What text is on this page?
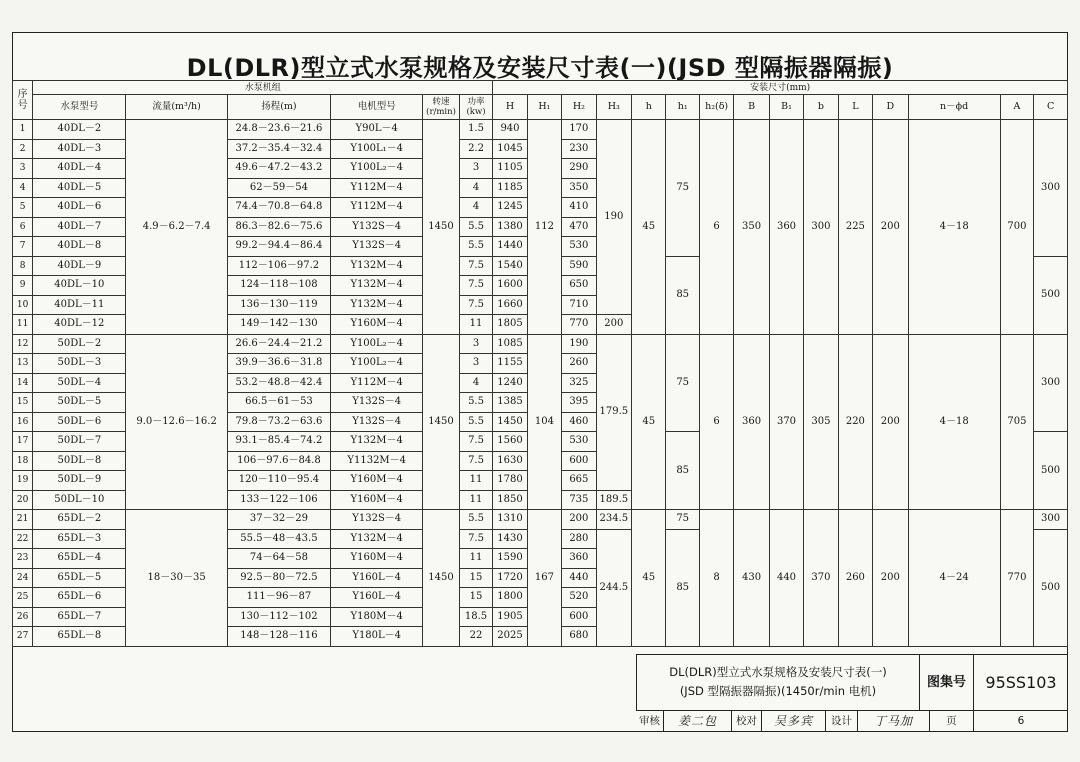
DL(DLR)型立式水泵规格及安装尺寸表(一)(JSD 型隔振器隔振)
序号	水泵机组						安装尺寸(mm)														
	水泵型号	流量(m³/h)	扬程(m)	电机型号	转速(r/min)	功率(kw)	H	H₁	H₂	H₃	h	h₁	h₂(δ)	B	B₁	b	L	D	n－ϕd	A	C
1	40DL－2	4.9－6.2－7.4	24.8－23.6－21.6	Y90L－4	1450	1.5	940	112	170	190	45	75	6	350	360	300	225	200	4－18	700	300
2	40DL－3		37.2－35.4－32.4	Y100L₁－4		2.2	1045		230												
3	40DL－4		49.6－47.2－43.2	Y100L₂－4		3	1105		290												
4	40DL－5		62－59－54	Y112M－4		4	1185		350												
5	40DL－6		74.4－70.8－64.8	Y112M－4		4	1245		410												
6	40DL－7		86.3－82.6－75.6	Y132S－4		5.5	1380		470												
7	40DL－8		99.2－94.4－86.4	Y132S－4		5.5	1440		530												
8	40DL－9		112－106－97.2	Y132M－4		7.5	1540		590			85									500
9	40DL－10		124－118－108	Y132M－4		7.5	1600		650												
10	40DL－11		136－130－119	Y132M－4		7.5	1660		710												
11	40DL－12		149－142－130	Y160M－4		11	1805		770	200											
12	50DL－2	9.0－12.6－16.2	26.6－24.4－21.2	Y100L₂－4	1450	3	1085	104	190	179.5	45	75	6	360	370	305	220	200	4－18	705	300
13	50DL－3		39.9－36.6－31.8	Y100L₂－4		3	1155		260												
14	50DL－4		53.2－48.8－42.4	Y112M－4		4	1240		325												
15	50DL－5		66.5－61－53	Y132S－4		5.5	1385		395												
16	50DL－6		79.8－73.2－63.6	Y132S－4		5.5	1450		460												
17	50DL－7		93.1－85.4－74.2	Y132M－4		7.5	1560		530			85									500
18	50DL－8		106－97.6－84.8	Y1132M－4		7.5	1630		600												
19	50DL－9		120－110－95.4	Y160M－4		11	1780		665												
20	50DL－10		133－122－106	Y160M－4		11	1850		735	189.5											
21	65DL－2	18－30－35	37－32－29	Y132S－4	1450	5.5	1310	167	200	234.5	45	75	8	430	440	370	260	200	4－24	770	300
22	65DL－3		55.5－48－43.5	Y132M－4		7.5	1430		280	244.5		85									500
23	65DL－4		74－64－58	Y160M－4		11	1590		360												
24	65DL－5		92.5－80－72.5	Y160L－4		15	1720		440												
25	65DL－6		111－96－87	Y160L－4		15	1800		520												
26	65DL－7		130－112－102	Y180M－4		18.5	1905		600												
27	65DL－8		148－128－116	Y180L－4		22	2025		680												
DL(DLR)型立式水泵规格及安装尺寸表(一)
(JSD 型隔振器隔振)(1450r/min 电机)
图集号	95SS103
审核	姜二包	校对	吴多宾	设计	丁马加	页	6
